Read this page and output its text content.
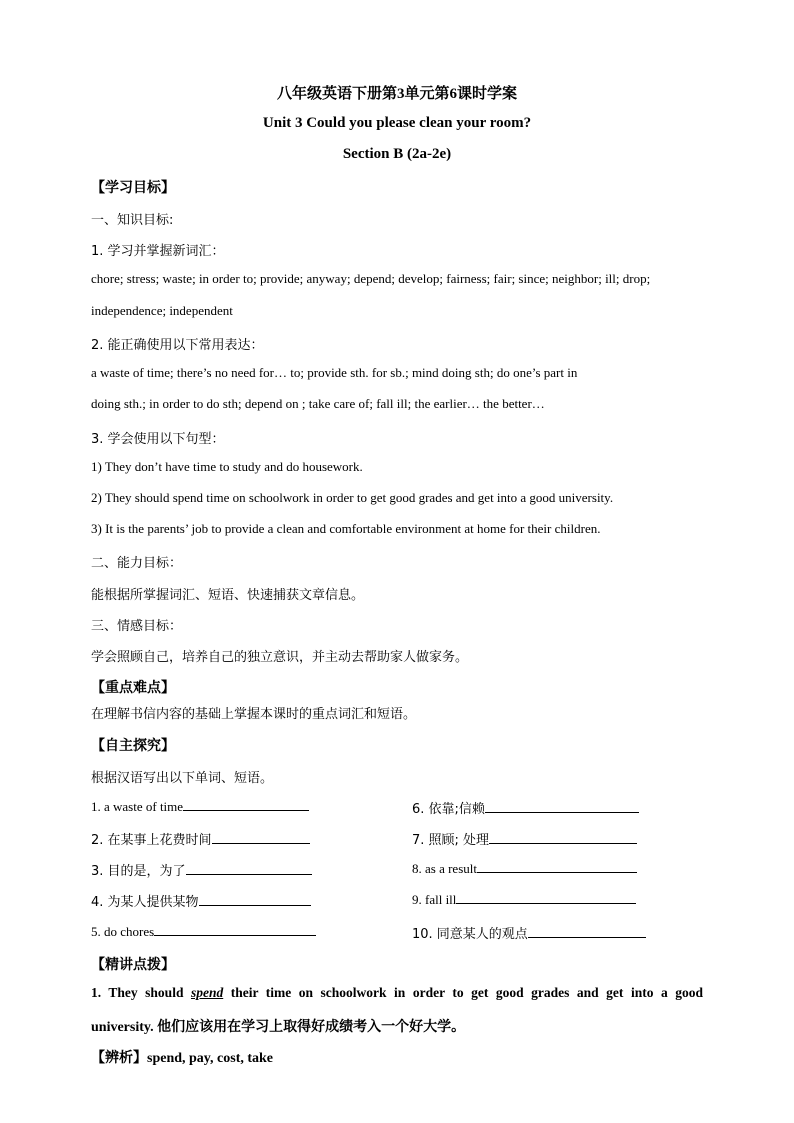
八年级英语下册第3单元第6课时学案
Unit 3 Could you please clean your room?
Section B (2a-2e)
【学习目标】
一、知识目标:
1. 学习并掌握新词汇：
chore; stress; waste; in order to; provide; anyway; depend; develop; fairness; fair; since; neighbor; ill; drop;
independence; independent
2. 能正确使用以下常用表达：
a waste of time; there’s no need for… to; provide sth. for sb.; mind doing sth; do one’s part in
doing sth.; in order to do sth; depend on ; take care of; fall ill; the earlier… the better…
3. 学会使用以下句型：
1) They don’t have time to study and do housework.
2) They should spend time on schoolwork in order to get good grades and get into a good university.
3) It is the parents’ job to provide a clean and comfortable environment at home for their children.
二、能力目标：
能根据所掌握词汇、短语、快速捕获文章信息。
三、情感目标：
学会照顾自己，培养自己的独立意识，并主动去帮助家人做家务。
【重点难点】
在理解书信内容的基础上掌握本课时的重点词汇和短语。
【自主探究】
根据汉语写出以下单词、短语。
1. a waste of time
2. 在某事上花费时间
3. 目的是，为了
4. 为某人提供某物
5. do chores
6. 依靠;信赖
7. 照顾; 处理
8. as a result
9. fall ill
10. 同意某人的观点
【精讲点拨】
1. They should spend their time on schoolwork in order to get good grades and get into a good
university. 他们应该用在学习上取得好成绩考入一个好大学。
【辨析】spend, pay, cost, take
